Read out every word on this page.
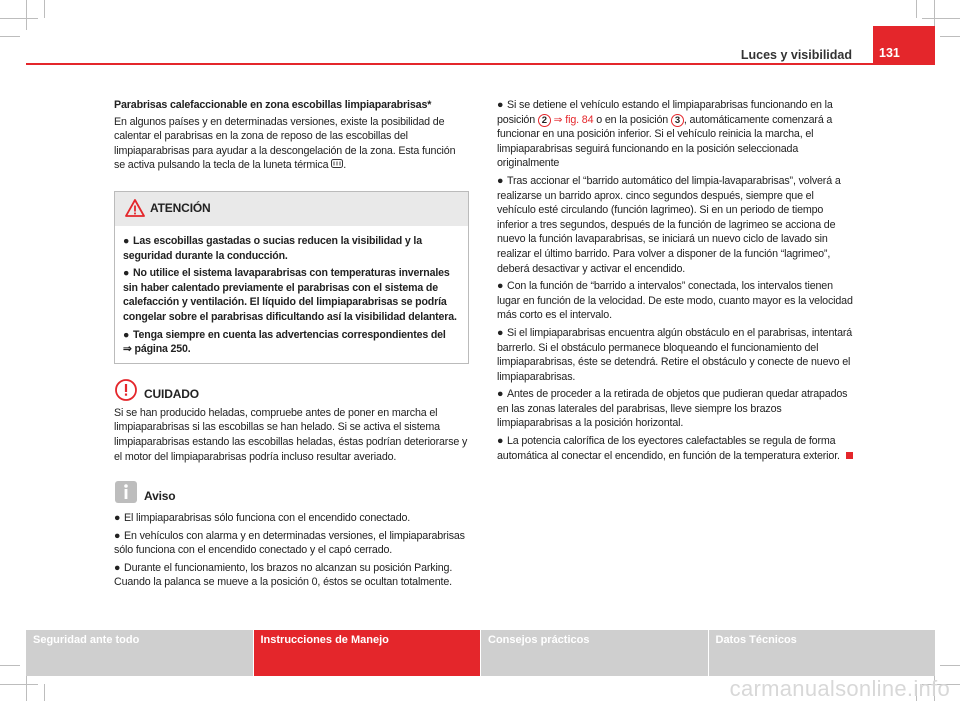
Luces y visibilidad	131
Parabrisas calefaccionable en zona escobillas limpiaparabrisas*
En algunos países y en determinadas versiones, existe la posibilidad de calentar el parabrisas en la zona de reposo de las escobillas del limpiaparabrisas para ayudar a la descongelación de la zona. Esta función se activa pulsando la tecla de la luneta térmica .
ATENCIÓN
● Las escobillas gastadas o sucias reducen la visibilidad y la seguridad durante la conducción.
● No utilice el sistema lavaparabrisas con temperaturas invernales sin haber calentado previamente el parabrisas con el sistema de calefacción y ventilación. El líquido del limpiaparabrisas se podría congelar sobre el parabrisas dificultando así la visibilidad delantera.
● Tenga siempre en cuenta las advertencias correspondientes del
⇒ página 250.
CUIDADO
Si se han producido heladas, compruebe antes de poner en marcha el limpiaparabrisas si las escobillas se han helado. Si se activa el sistema limpiaparabrisas estando las escobillas heladas, éstas podrían deteriorarse y el motor del limpiaparabrisas podría incluso resultar averiado.
Aviso
● El limpiaparabrisas sólo funciona con el encendido conectado.
● En vehículos con alarma y en determinadas versiones, el limpiaparabrisas sólo funciona con el encendido conectado y el capó cerrado.
● Durante el funcionamiento, los brazos no alcanzan su posición Parking. Cuando la palanca se mueve a la posición 0, éstos se ocultan totalmente.
● Si se detiene el vehículo estando el limpiaparabrisas funcionando en la posición 2 ⇒ fig. 84 o en la posición 3 , automáticamente comenzará a funcionar en una posición inferior. Si el vehículo reinicia la marcha, el limpiaparabrisas seguirá funcionando en la posición seleccionada originalmente
● Tras accionar el “barrido automático del limpia-lavaparabrisas”, volverá a realizarse un barrido aprox. cinco segundos después, siempre que el vehículo esté circulando (función lagrimeo). Si en un periodo de tiempo inferior a tres segundos, después de la función de lagrimeo se acciona de nuevo la función lavaparabrisas, se iniciará un nuevo ciclo de lavado sin realizar el último barrido. Para volver a disponer de la función “lagrimeo”, deberá desactivar y activar el encendido.
● Con la función de “barrido a intervalos” conectada, los intervalos tienen lugar en función de la velocidad. De este modo, cuanto mayor es la velocidad más corto es el intervalo.
● Si el limpiaparabrisas encuentra algún obstáculo en el parabrisas, intentará barrerlo. Si el obstáculo permanece bloqueando el funcionamiento del limpiaparabrisas, éste se detendrá. Retire el obstáculo y conecte de nuevo el limpiaparabrisas.
● Antes de proceder a la retirada de objetos que pudieran quedar atrapados en las zonas laterales del parabrisas, lleve siempre los brazos limpiaparabrisas a la posición horizontal.
● La potencia calorífica de los eyectores calefactables se regula de forma automática al conectar el encendido, en función de la temperatura exterior.
Seguridad ante todo	Instrucciones de Manejo	Consejos prácticos	Datos Técnicos
carmanualsonline.info
